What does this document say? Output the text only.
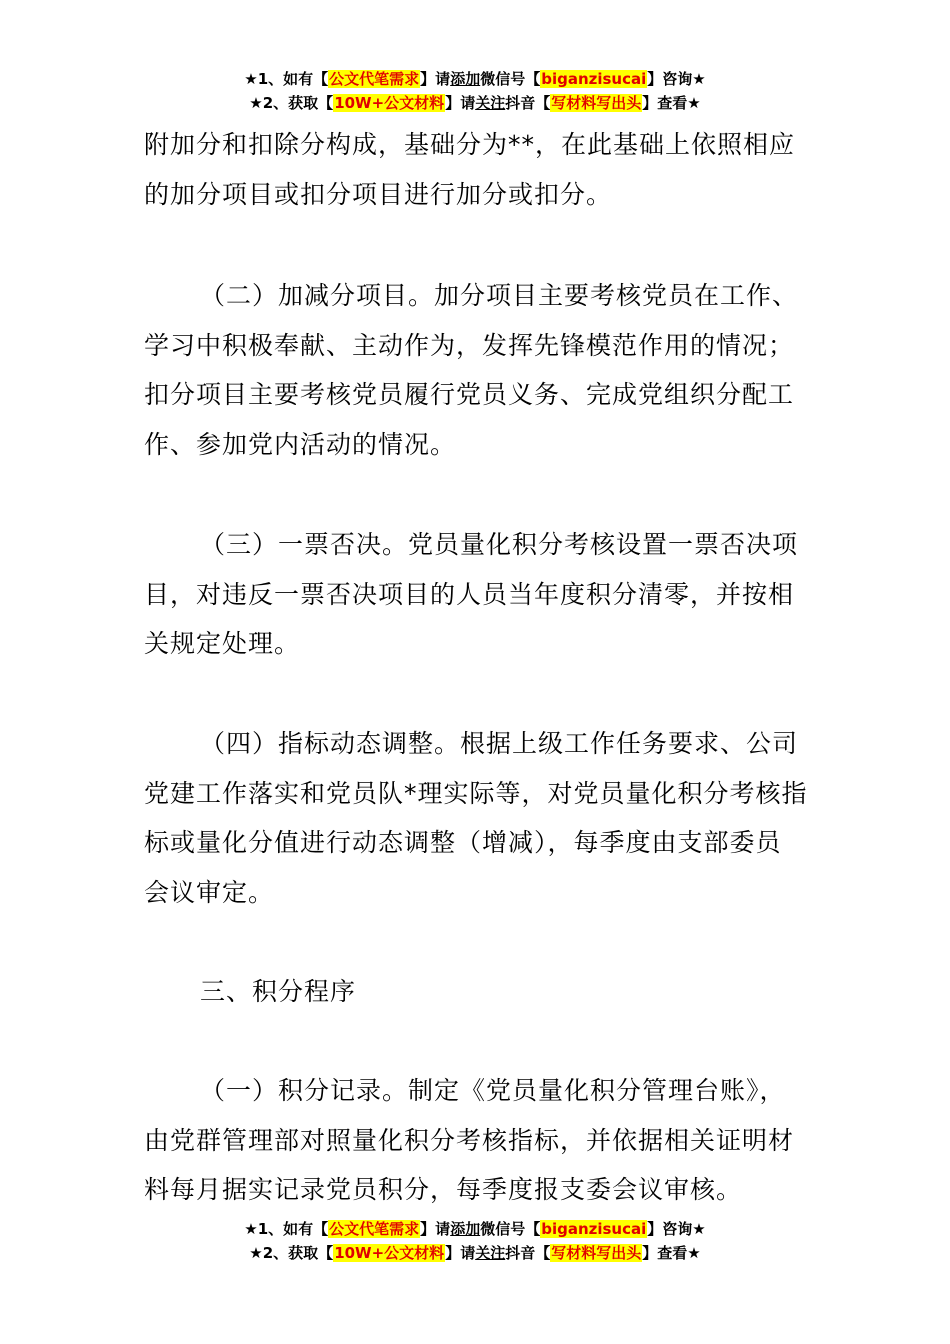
★1、如有【公文代笔需求】请添加微信号【biganzisucai】咨询★
★2、获取【10W+公文材料】请关注抖音【写材料写出头】查看★
附加分和扣除分构成，基础分为**，在此基础上依照相应
的加分项目或扣分项目进行加分或扣分。
（二）加减分项目。加分项目主要考核党员在工作、
学习中积极奉献、主动作为，发挥先锋模范作用的情况；
扣分项目主要考核党员履行党员义务、完成党组织分配工
作、参加党内活动的情况。
（三）一票否决。党员量化积分考核设置一票否决项
目，对违反一票否决项目的人员当年度积分清零，并按相
关规定处理。
（四）指标动态调整。根据上级工作任务要求、公司
党建工作落实和党员队*理实际等，对党员量化积分考核指
标或量化分值进行动态调整（增减），每季度由支部委员
会议审定。
三、积分程序
（一）积分记录。制定《党员量化积分管理台账》，
由党群管理部对照量化积分考核指标，并依据相关证明材
料每月据实记录党员积分，每季度报支委会议审核。
★1、如有【公文代笔需求】请添加微信号【biganzisucai】咨询★
★2、获取【10W+公文材料】请关注抖音【写材料写出头】查看★
